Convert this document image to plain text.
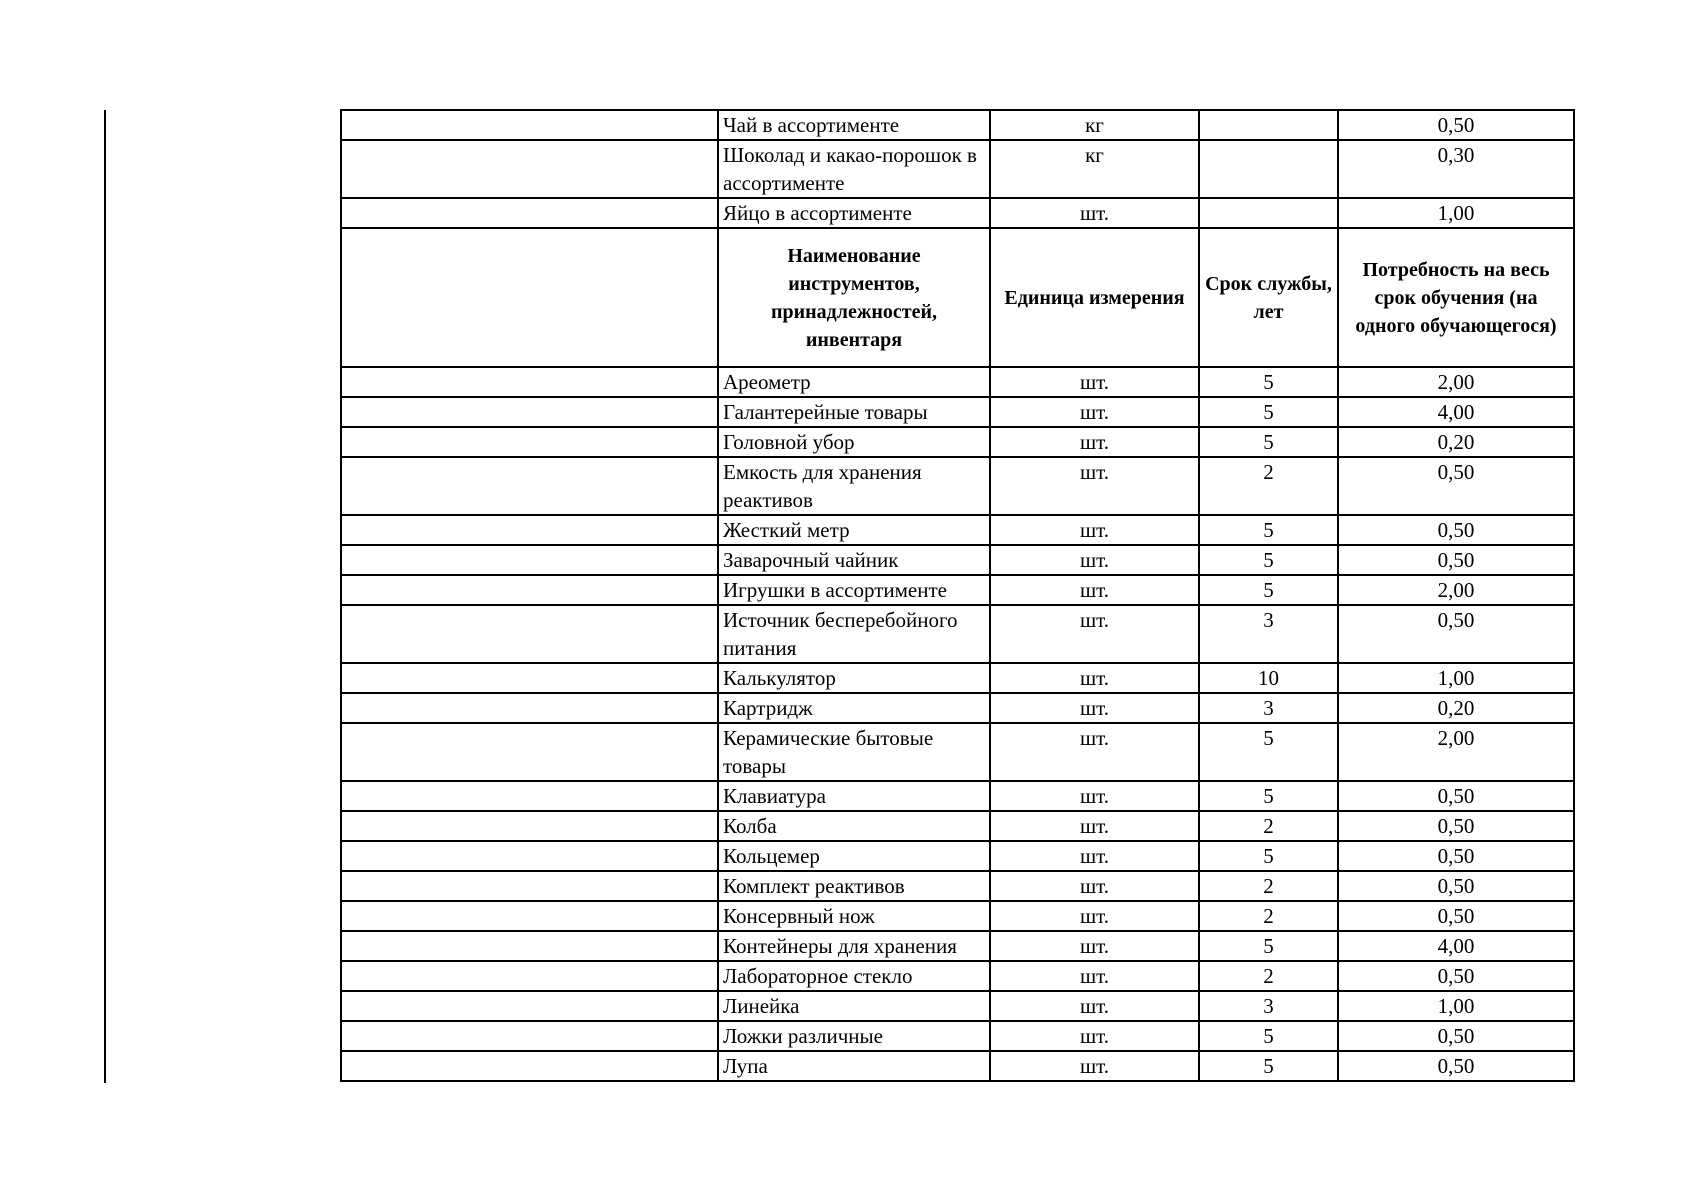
	Чай в ассортименте	кг		0,50
	Шоколад и какао-порошок в ассортименте	кг		0,30
	Яйцо в ассортименте	шт.		1,00
	Наименование инструментов, принадлежностей, инвентаря	Единица измерения	Срок службы, лет	Потребность на весь срок обучения (на одного обучающегося)
	Ареометр	шт.	5	2,00
	Галантерейные товары	шт.	5	4,00
	Головной убор	шт.	5	0,20
	Емкость для хранения реактивов	шт.	2	0,50
	Жесткий метр	шт.	5	0,50
	Заварочный чайник	шт.	5	0,50
	Игрушки в ассортименте	шт.	5	2,00
	Источник бесперебойного питания	шт.	3	0,50
	Калькулятор	шт.	10	1,00
	Картридж	шт.	3	0,20
	Керамические бытовые товары	шт.	5	2,00
	Клавиатура	шт.	5	0,50
	Колба	шт.	2	0,50
	Кольцемер	шт.	5	0,50
	Комплект реактивов	шт.	2	0,50
	Консервный нож	шт.	2	0,50
	Контейнеры для хранения	шт.	5	4,00
	Лабораторное стекло	шт.	2	0,50
	Линейка	шт.	3	1,00
	Ложки различные	шт.	5	0,50
	Лупа	шт.	5	0,50
